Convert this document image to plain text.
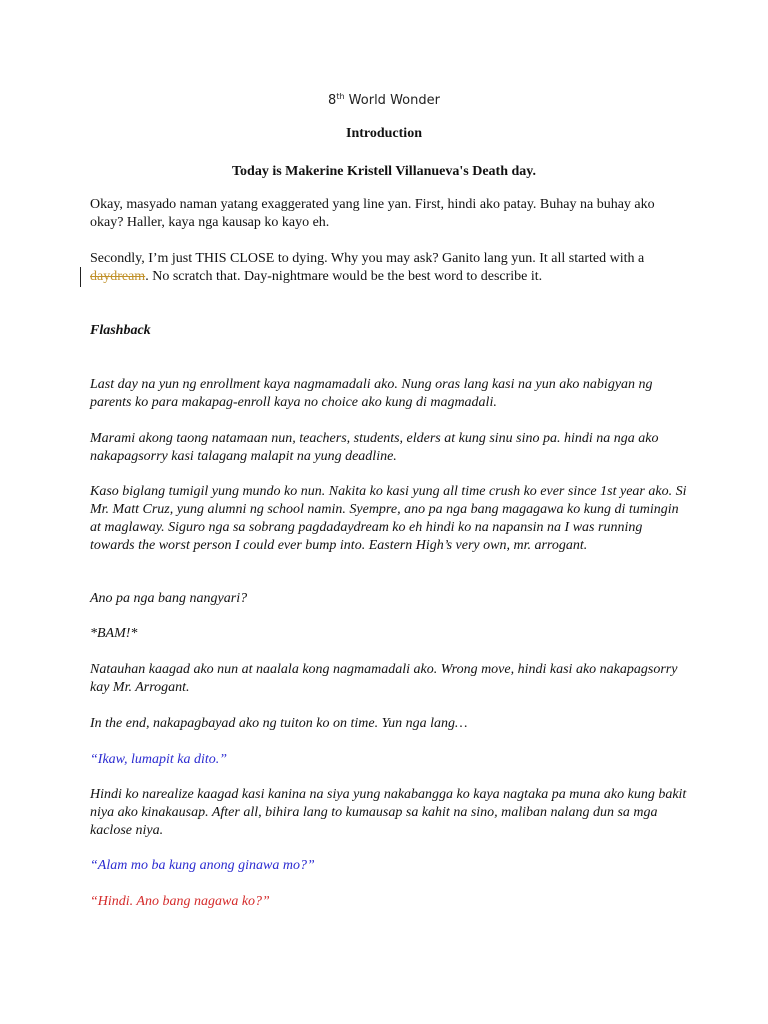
8th World Wonder

Introduction

Today is Makerine Kristell Villanueva's Death day.

Okay, masyado naman yatang exaggerated yang line yan. First, hindi ako patay. Buhay na buhay ako okay? Haller, kaya nga kausap ko kayo eh.

Secondly, I’m just THIS CLOSE to dying. Why you may ask? Ganito lang yun. It all started with a daydream. No scratch that. Day-nightmare would be the best word to describe it.

Flashback

Last day na yun ng enrollment kaya nagmamadali ako. Nung oras lang kasi na yun ako nabigyan ng parents ko para makapag-enroll kaya no choice ako kung di magmadali.

Marami akong taong natamaan nun, teachers, students, elders at kung sinu sino pa. hindi na nga ako nakapagsorry kasi talagang malapit na yung deadline.

Kaso biglang tumigil yung mundo ko nun. Nakita ko kasi yung all time crush ko ever since 1st year ako. Si Mr. Matt Cruz, yung alumni ng school namin. Syempre, ano pa nga bang magagawa ko kung di tumingin at maglaway. Siguro nga sa sobrang pagdadaydream ko eh hindi ko na napansin na I was running towards the worst person I could ever bump into. Eastern High’s very own, mr. arrogant.

Ano pa nga bang nangyari?

*BAM!*

Natauhan kaagad ako nun at naalala kong nagmamadali ako. Wrong move, hindi kasi ako nakapagsorry kay Mr. Arrogant.

In the end, nakapagbayad ako ng tuiton ko on time. Yun nga lang…

“Ikaw, lumapit ka dito.”

Hindi ko narealize kaagad kasi kanina na siya yung nakabangga ko kaya nagtaka pa muna ako kung bakit niya ako kinakausap. After all, bihira lang to kumausap sa kahit na sino, maliban nalang dun sa mga kaclose niya.

“Alam mo ba kung anong ginawa mo?”

“Hindi. Ano bang nagawa ko?”
